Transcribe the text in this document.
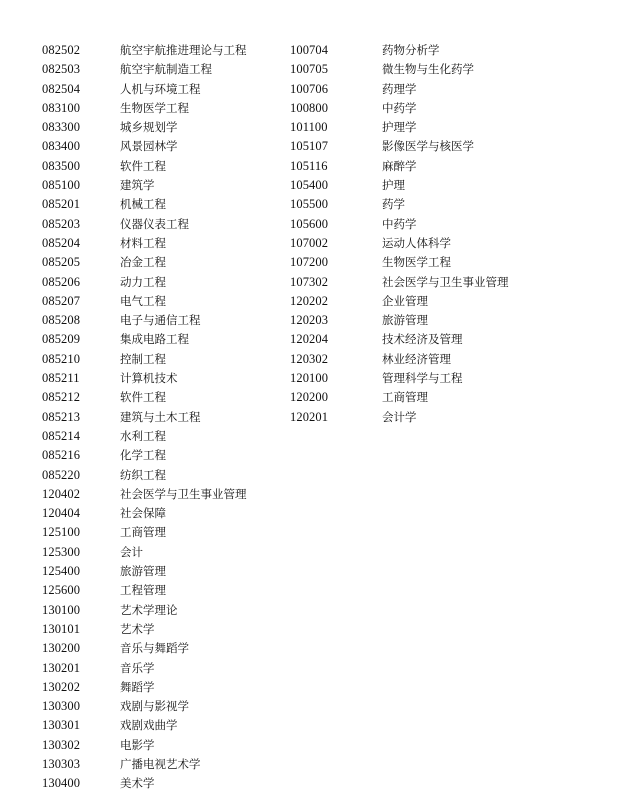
082502	航空宇航推进理论与工程
082503	航空宇航制造工程
082504	人机与环境工程
083100	生物医学工程
083300	城乡规划学
083400	风景园林学
083500	软件工程
085100	建筑学
085201	机械工程
085203	仪器仪表工程
085204	材料工程
085205	冶金工程
085206	动力工程
085207	电气工程
085208	电子与通信工程
085209	集成电路工程
085210	控制工程
085211	计算机技术
085212	软件工程
085213	建筑与土木工程
085214	水利工程
085216	化学工程
085220	纺织工程
120402	社会医学与卫生事业管理
120404	社会保障
125100	工商管理
125300	会计
125400	旅游管理
125600	工程管理
130100	艺术学理论
130101	艺术学
130200	音乐与舞蹈学
130201	音乐学
130202	舞蹈学
130300	戏剧与影视学
130301	戏剧戏曲学
130302	电影学
130303	广播电视艺术学
130400	美术学
100704	药物分析学
100705	微生物与生化药学
100706	药理学
100800	中药学
101100	护理学
105107	影像医学与核医学
105116	麻醉学
105400	护理
105500	药学
105600	中药学
107002	运动人体科学
107200	生物医学工程
107302	社会医学与卫生事业管理
120202	企业管理
120203	旅游管理
120204	技术经济及管理
120302	林业经济管理
120100	管理科学与工程
120200	工商管理
120201	会计学
